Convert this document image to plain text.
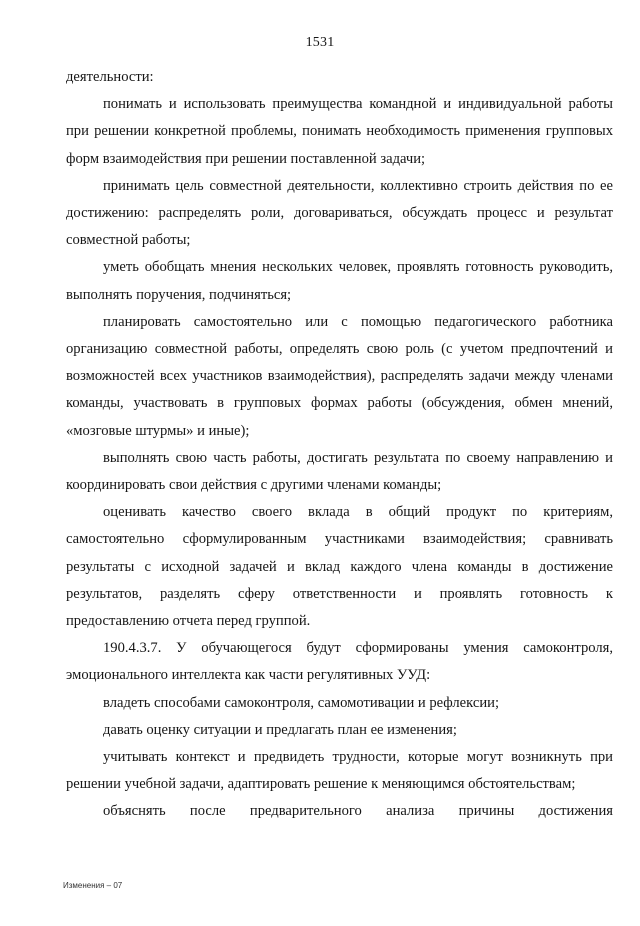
1531

деятельности:

понимать и использовать преимущества командной и индивидуальной работы при решении конкретной проблемы, понимать необходимость применения групповых форм взаимодействия при решении поставленной задачи;

принимать цель совместной деятельности, коллективно строить действия по ее достижению: распределять роли, договариваться, обсуждать процесс и результат совместной работы;

уметь обобщать мнения нескольких человек, проявлять готовность руководить, выполнять поручения, подчиняться;

планировать самостоятельно или с помощью педагогического работника организацию совместной работы, определять свою роль (с учетом предпочтений и возможностей всех участников взаимодействия), распределять задачи между членами команды, участвовать в групповых формах работы (обсуждения, обмен мнений, «мозговые штурмы» и иные);

выполнять свою часть работы, достигать результата по своему направлению и координировать свои действия с другими членами команды;

оценивать качество своего вклада в общий продукт по критериям, самостоятельно сформулированным участниками взаимодействия; сравнивать результаты с исходной задачей и вклад каждого члена команды в достижение результатов, разделять сферу ответственности и проявлять готовность к предоставлению отчета перед группой.

190.4.3.7. У обучающегося будут сформированы умения самоконтроля, эмоционального интеллекта как части регулятивных УУД:

владеть способами самоконтроля, самомотивации и рефлексии;

давать оценку ситуации и предлагать план ее изменения;

учитывать контекст и предвидеть трудности, которые могут возникнуть при решении учебной задачи, адаптировать решение к меняющимся обстоятельствам;

объяснять после предварительного анализа причины достижения

Изменения – 07
